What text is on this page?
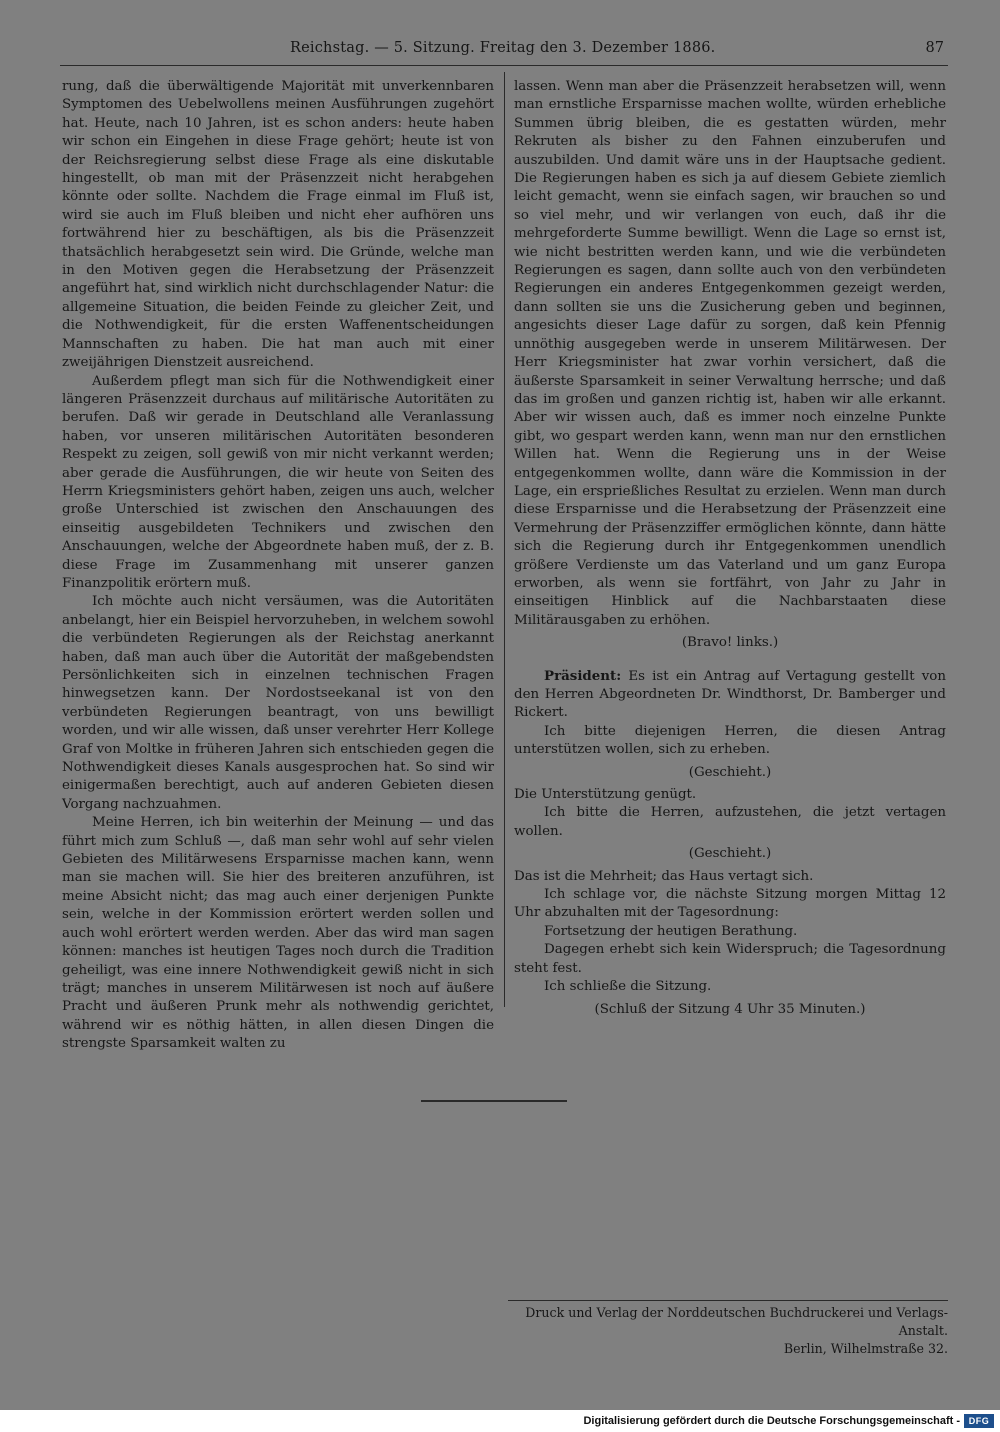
Reichstag. — 5. Sitzung. Freitag den 3. Dezember 1886.	87

rung, daß die überwältigende Majorität mit unverkennbaren Symptomen des Uebelwollens meinen Ausführungen zugehört hat. Heute, nach 10 Jahren, ist es schon anders: heute haben wir schon ein Eingehen in diese Frage gehört; heute ist von der Reichsregierung selbst diese Frage als eine diskutable hingestellt, ob man mit der Präsenzzeit nicht herabgehen könnte oder sollte. Nachdem die Frage einmal im Fluß ist, wird sie auch im Fluß bleiben und nicht eher aufhören uns fortwährend hier zu beschäftigen, als bis die Präsenzzeit thatsächlich herabgesetzt sein wird. Die Gründe, welche man in den Motiven gegen die Herabsetzung der Präsenzzeit angeführt hat, sind wirklich nicht durchschlagender Natur: die allgemeine Situation, die beiden Feinde zu gleicher Zeit, und die Nothwendigkeit, für die ersten Waffenentscheidungen Mannschaften zu haben. Die hat man auch mit einer zweijährigen Dienstzeit ausreichend.

Außerdem pflegt man sich für die Nothwendigkeit einer längeren Präsenzzeit durchaus auf militärische Autoritäten zu berufen. Daß wir gerade in Deutschland alle Veranlassung haben, vor unseren militärischen Autoritäten besonderen Respekt zu zeigen, soll gewiß von mir nicht verkannt werden; aber gerade die Ausführungen, die wir heute von Seiten des Herrn Kriegsministers gehört haben, zeigen uns auch, welcher große Unterschied ist zwischen den Anschauungen des einseitig ausgebildeten Technikers und zwischen den Anschauungen, welche der Abgeordnete haben muß, der z. B. diese Frage im Zusammenhang mit unserer ganzen Finanzpolitik erörtern muß.

Ich möchte auch nicht versäumen, was die Autoritäten anbelangt, hier ein Beispiel hervorzuheben, in welchem sowohl die verbündeten Regierungen als der Reichstag anerkannt haben, daß man auch über die Autorität der maßgebendsten Persönlichkeiten sich in einzelnen technischen Fragen hinwegsetzen kann. Der Nordostseekanal ist von den verbündeten Regierungen beantragt, von uns bewilligt worden, und wir alle wissen, daß unser verehrter Herr Kollege Graf von Moltke in früheren Jahren sich entschieden gegen die Nothwendigkeit dieses Kanals ausgesprochen hat. So sind wir einigermaßen berechtigt, auch auf anderen Gebieten diesen Vorgang nachzuahmen.

Meine Herren, ich bin weiterhin der Meinung — und das führt mich zum Schluß —, daß man sehr wohl auf sehr vielen Gebieten des Militärwesens Ersparnisse machen kann, wenn man sie machen will. Sie hier des breiteren anzuführen, ist meine Absicht nicht; das mag auch einer derjenigen Punkte sein, welche in der Kommission erörtert werden sollen und auch wohl erörtert werden werden. Aber das wird man sagen können: manches ist heutigen Tages noch durch die Tradition geheiligt, was eine innere Nothwendigkeit gewiß nicht in sich trägt; manches in unserem Militärwesen ist noch auf äußere Pracht und äußeren Prunk mehr als nothwendig gerichtet, während wir es nöthig hätten, in allen diesen Dingen die strengste Sparsamkeit walten zu

lassen. Wenn man aber die Präsenzzeit herabsetzen will, wenn man ernstliche Ersparnisse machen wollte, würden erhebliche Summen übrig bleiben, die es gestatten würden, mehr Rekruten als bisher zu den Fahnen einzuberufen und auszubilden. Und damit wäre uns in der Hauptsache gedient. Die Regierungen haben es sich ja auf diesem Gebiete ziemlich leicht gemacht, wenn sie einfach sagen, wir brauchen so und so viel mehr, und wir verlangen von euch, daß ihr die mehrgeforderte Summe bewilligt. Wenn die Lage so ernst ist, wie nicht bestritten werden kann, und wie die verbündeten Regierungen es sagen, dann sollte auch von den verbündeten Regierungen ein anderes Entgegenkommen gezeigt werden, dann sollten sie uns die Zusicherung geben und beginnen, angesichts dieser Lage dafür zu sorgen, daß kein Pfennig unnöthig ausgegeben werde in unserem Militärwesen. Der Herr Kriegsminister hat zwar vorhin versichert, daß die äußerste Sparsamkeit in seiner Verwaltung herrsche; und daß das im großen und ganzen richtig ist, haben wir alle erkannt. Aber wir wissen auch, daß es immer noch einzelne Punkte gibt, wo gespart werden kann, wenn man nur den ernstlichen Willen hat. Wenn die Regierung uns in der Weise entgegenkommen wollte, dann wäre die Kommission in der Lage, ein ersprießliches Resultat zu erzielen. Wenn man durch diese Ersparnisse und die Herabsetzung der Präsenzzeit eine Vermehrung der Präsenzziffer ermöglichen könnte, dann hätte sich die Regierung durch ihr Entgegenkommen unendlich größere Verdienste um das Vaterland und um ganz Europa erworben, als wenn sie fortfährt, von Jahr zu Jahr in einseitigen Hinblick auf die Nachbarstaaten diese Militärausgaben zu erhöhen.

(Bravo! links.)

Präsident: Es ist ein Antrag auf Vertagung gestellt von den Herren Abgeordneten Dr. Windthorst, Dr. Bamberger und Rickert.

Ich bitte diejenigen Herren, die diesen Antrag unterstützen wollen, sich zu erheben.

(Geschieht.)

Die Unterstützung genügt.

Ich bitte die Herren, aufzustehen, die jetzt vertagen wollen.

(Geschieht.)

Das ist die Mehrheit; das Haus vertagt sich.

Ich schlage vor, die nächste Sitzung morgen Mittag 12 Uhr abzuhalten mit der Tagesordnung:

Fortsetzung der heutigen Berathung.

Dagegen erhebt sich kein Widerspruch; die Tagesordnung steht fest.

Ich schließe die Sitzung.

(Schluß der Sitzung 4 Uhr 35 Minuten.)

Druck und Verlag der Norddeutschen Buchdruckerei und Verlags-Anstalt.

Berlin, Wilhelmstraße 32.

Digitalisierung gefördert durch die Deutsche Forschungsgemeinschaft - DFG
